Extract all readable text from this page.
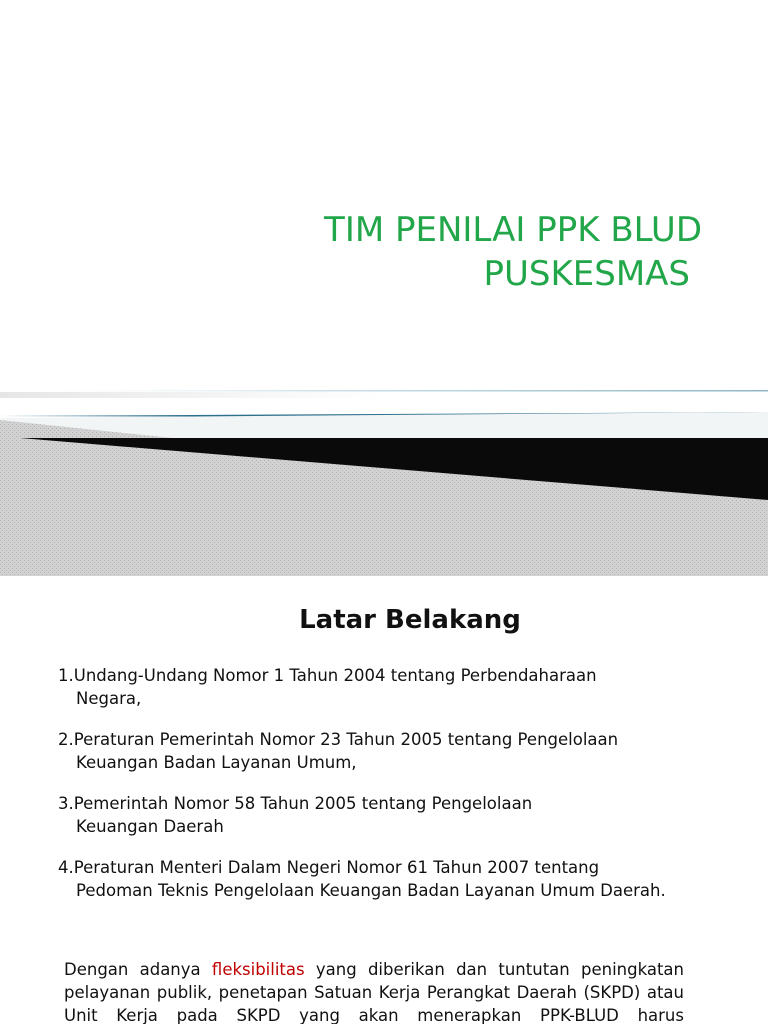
TIM PENILAI PPK BLUD
PUSKESMAS
Latar Belakang
1.Undang-Undang Nomor 1 Tahun 2004 tentang Perbendaharaan
Negara,
2.Peraturan Pemerintah Nomor 23 Tahun 2005 tentang Pengelolaan
Keuangan Badan Layanan Umum,
3.Pemerintah Nomor 58 Tahun 2005 tentang Pengelolaan
Keuangan Daerah
4.Peraturan Menteri Dalam Negeri Nomor 61 Tahun 2007 tentang
Pedoman Teknis Pengelolaan Keuangan Badan Layanan Umum Daerah.

Dengan adanya fleksibilitas yang diberikan dan tuntutan peningkatan pelayanan publik, penetapan Satuan Kerja Perangkat Daerah (SKPD) atau Unit Kerja pada SKPD yang akan menerapkan PPK-BLUD harus
